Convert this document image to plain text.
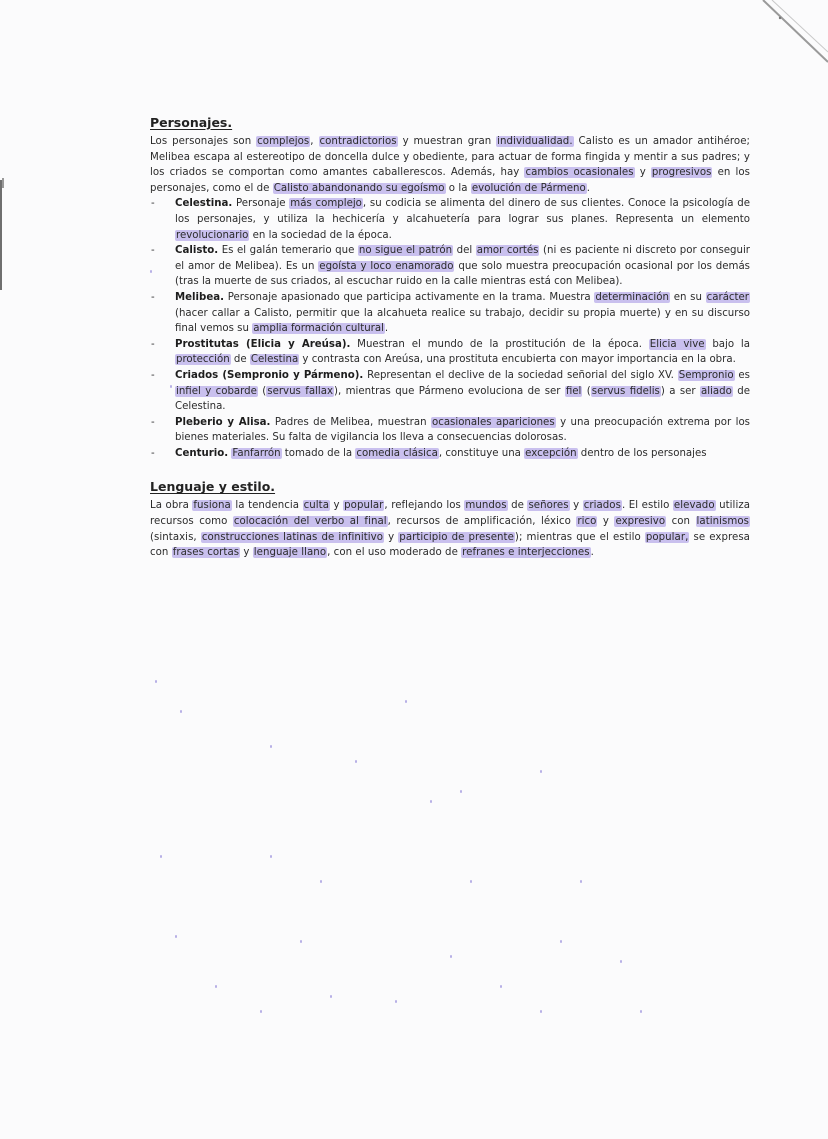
Personajes.

Los personajes son complejos, contradictorios y muestran gran individualidad. Calisto es un amador antihéroe; Melibea escapa al estereotipo de doncella dulce y obediente, para actuar de forma fingida y mentir a sus padres; y los criados se comportan como amantes caballerescos. Además, hay cambios ocasionales y progresivos en los personajes, como el de Calisto abandonando su egoísmo o la evolución de Pármeno.

- Celestina. Personaje más complejo, su codicia se alimenta del dinero de sus clientes. Conoce la psicología de los personajes, y utiliza la hechicería y alcahuetería para lograr sus planes. Representa un elemento revolucionario en la sociedad de la época.
- Calisto. Es el galán temerario que no sigue el patrón del amor cortés (ni es paciente ni discreto por conseguir el amor de Melibea). Es un egoísta y loco enamorado que solo muestra preocupación ocasional por los demás (tras la muerte de sus criados, al escuchar ruido en la calle mientras está con Melibea).
- Melibea. Personaje apasionado que participa activamente en la trama. Muestra determinación en su carácter (hacer callar a Calisto, permitir que la alcahueta realice su trabajo, decidir su propia muerte) y en su discurso final vemos su amplia formación cultural.
- Prostitutas (Elicia y Areúsa). Muestran el mundo de la prostitución de la época. Elicia vive bajo la protección de Celestina y contrasta con Areúsa, una prostituta encubierta con mayor importancia en la obra.
- Criados (Sempronio y Pármeno). Representan el declive de la sociedad señorial del siglo XV. Sempronio es infiel y cobarde (servus fallax), mientras que Pármeno evoluciona de ser fiel (servus fidelis) a ser aliado de Celestina.
- Pleberio y Alisa. Padres de Melibea, muestran ocasionales apariciones y una preocupación extrema por los bienes materiales. Su falta de vigilancia los lleva a consecuencias dolorosas.
- Centurio. Fanfarrón tomado de la comedia clásica, constituye una excepción dentro de los personajes
Lenguaje y estilo.

La obra fusiona la tendencia culta y popular, reflejando los mundos de señores y criados. El estilo elevado utiliza recursos como colocación del verbo al final, recursos de amplificación, léxico rico y expresivo con latinismos (sintaxis, construcciones latinas de infinitivo y participio de presente); mientras que el estilo popular, se expresa con frases cortas y lenguaje llano, con el uso moderado de refranes e interjecciones.
